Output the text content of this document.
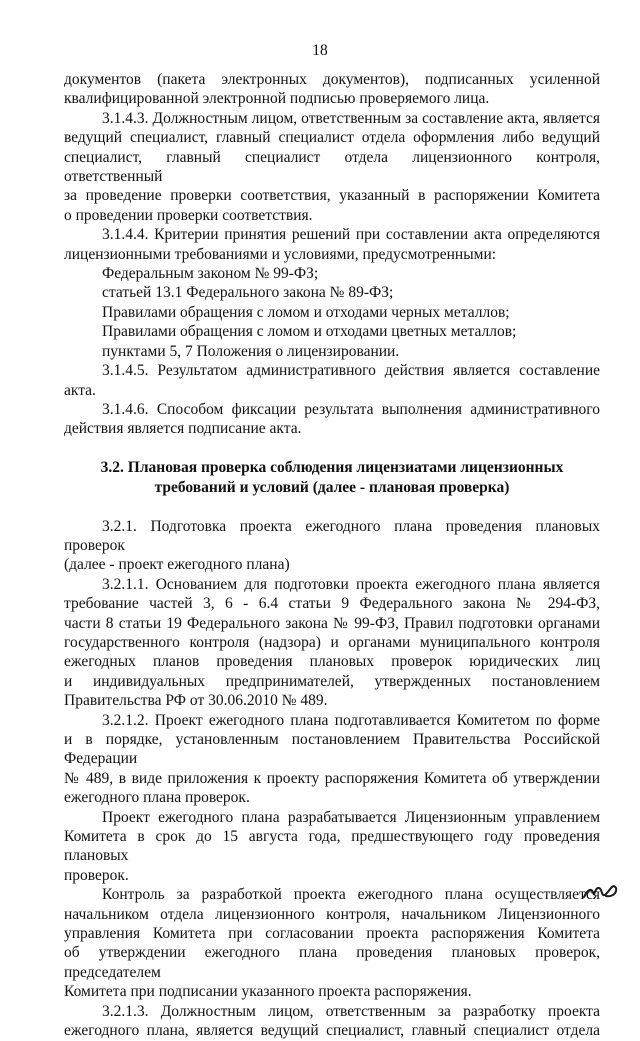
18

документов (пакета электронных документов), подписанных усиленной

квалифицированной электронной подписью проверяемого лица.

3.1.4.3. Должностным лицом, ответственным за составление акта, является

ведущий специалист, главный специалист отдела оформления либо ведущий

специалист, главный специалист отдела лицензионного контроля, ответственный

за проведение проверки соответствия, указанный в распоряжении Комитета

о проведении проверки соответствия.

3.1.4.4. Критерии принятия решений при составлении акта определяются

лицензионными требованиями и условиями, предусмотренными:

Федеральным законом № 99-ФЗ;

статьей 13.1 Федерального закона № 89-ФЗ;

Правилами обращения с ломом и отходами черных металлов;

Правилами обращения с ломом и отходами цветных металлов;

пунктами 5, 7 Положения о лицензировании.

3.1.4.5. Результатом административного действия является составление акта.

3.1.4.6. Способом фиксации результата выполнения административного

действия является подписание акта.

3.2. Плановая проверка соблюдения лицензиатами лицензионных

требований и условий (далее - плановая проверка)

3.2.1. Подготовка проекта ежегодного плана проведения плановых проверок

(далее - проект ежегодного плана)

3.2.1.1. Основанием для подготовки проекта ежегодного плана является

требование частей 3, 6 - 6.4 статьи 9 Федерального закона № 294-ФЗ,

части 8 статьи 19 Федерального закона № 99-ФЗ, Правил подготовки органами

государственного контроля (надзора) и органами муниципального контроля

ежегодных планов проведения плановых проверок юридических лиц

и индивидуальных предпринимателей, утвержденных постановлением

Правительства РФ от 30.06.2010 № 489.

3.2.1.2. Проект ежегодного плана подготавливается Комитетом по форме

и в порядке, установленным постановлением Правительства Российской Федерации

№ 489, в виде приложения к проекту распоряжения Комитета об утверждении

ежегодного плана проверок.

Проект ежегодного плана разрабатывается Лицензионным управлением

Комитета в срок до 15 августа года, предшествующего году проведения плановых

проверок.

Контроль за разработкой проекта ежегодного плана осуществляется

начальником отдела лицензионного контроля, начальником Лицензионного

управления Комитета при согласовании проекта распоряжения Комитета

об утверждении ежегодного плана проведения плановых проверок, председателем

Комитета при подписании указанного проекта распоряжения.

3.2.1.3. Должностным лицом, ответственным за разработку проекта

ежегодного плана, является ведущий специалист, главный специалист отдела
